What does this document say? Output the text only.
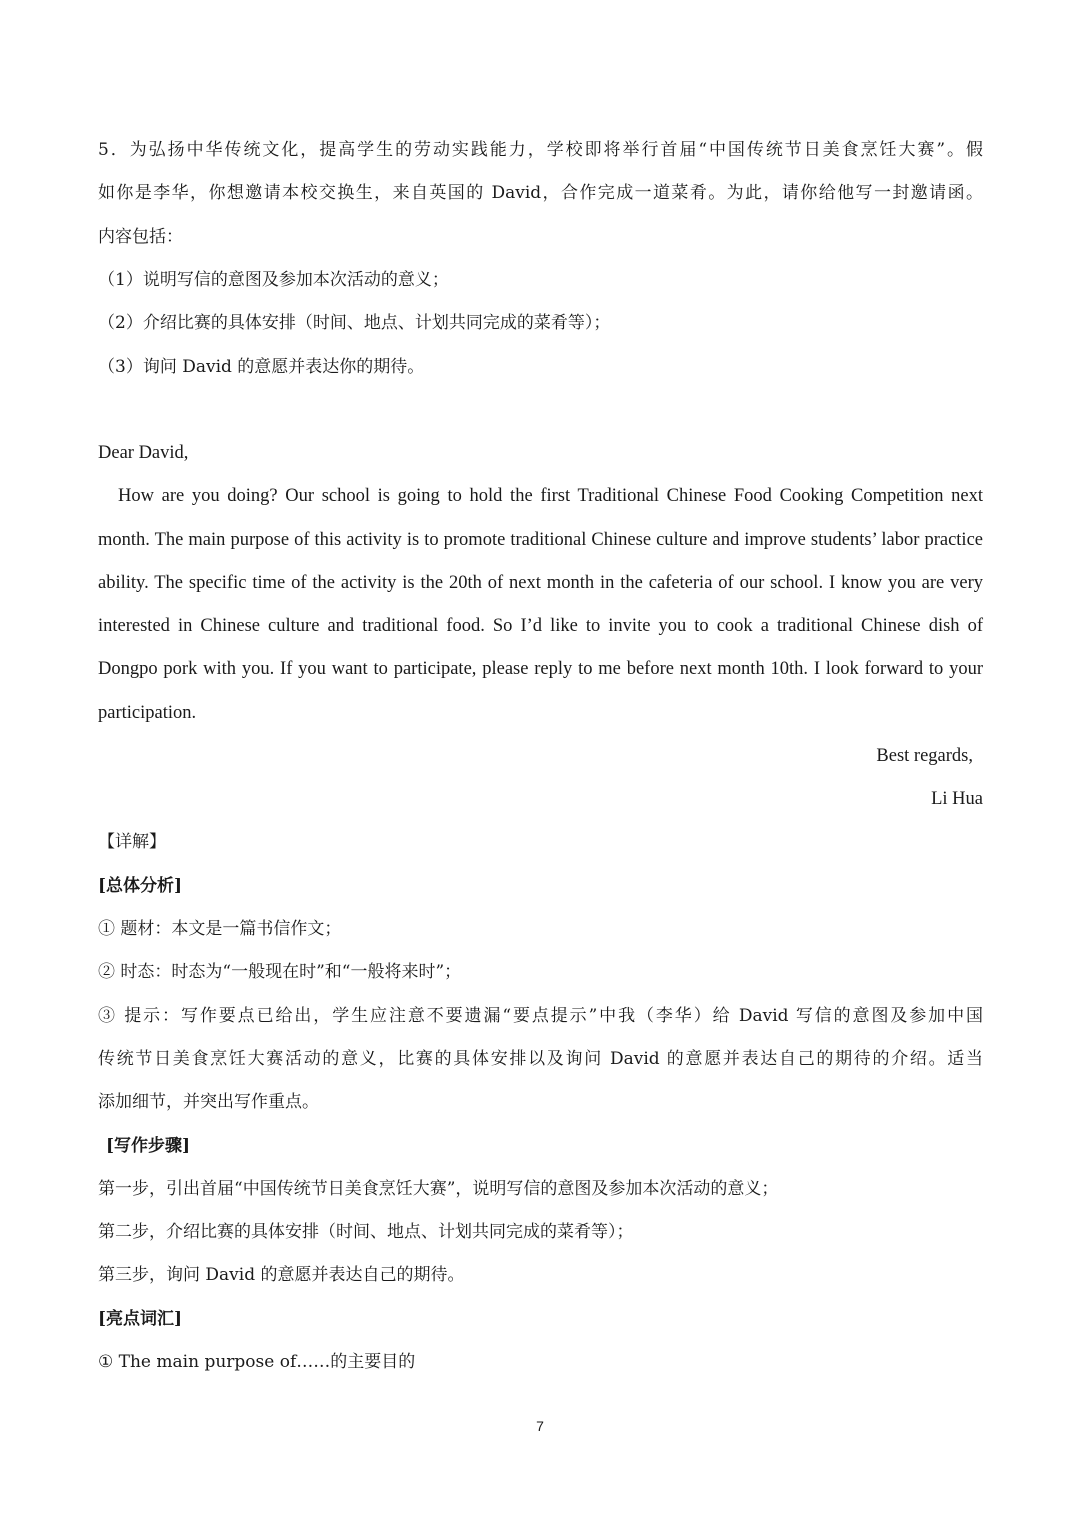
5．为弘扬中华传统文化，提高学生的劳动实践能力，学校即将举行首届“中国传统节日美食烹饪大赛”。假
如你是李华，你想邀请本校交换生，来自英国的 David，合作完成一道菜肴。为此，请你给他写一封邀请函。
内容包括：
（1）说明写信的意图及参加本次活动的意义；
（2）介绍比赛的具体安排（时间、地点、计划共同完成的菜肴等）；
（3）询问 David 的意愿并表达你的期待。
Dear David,
How are you doing? Our school is going to hold the first Traditional Chinese Food Cooking Competition next
month. The main purpose of this activity is to promote traditional Chinese culture and improve students’ labor practice
ability. The specific time of the activity is the 20th of next month in the cafeteria of our school. I know you are very
interested in Chinese culture and traditional food. So I’d like to invite you to cook a traditional Chinese dish of
Dongpo pork with you. If you want to participate, please reply to me before next month 10th. I look forward to your
participation.
Best regards,
Li Hua
【详解】
[总体分析]
① 题材：本文是一篇书信作文；
② 时态：时态为“一般现在时”和“一般将来时”；
③ 提示：写作要点已给出，学生应注意不要遗漏“要点提示”中我（李华）给 David 写信的意图及参加中国
传统节日美食烹饪大赛活动的意义，比赛的具体安排以及询问 David 的意愿并表达自己的期待的介绍。适当
添加细节，并突出写作重点。
[写作步骤]
第一步，引出首届“中国传统节日美食烹饪大赛”，说明写信的意图及参加本次活动的意义；
第二步，介绍比赛的具体安排（时间、地点、计划共同完成的菜肴等）；
第三步，询问 David 的意愿并表达自己的期待。
[亮点词汇]
① The main purpose of……的主要目的
7
